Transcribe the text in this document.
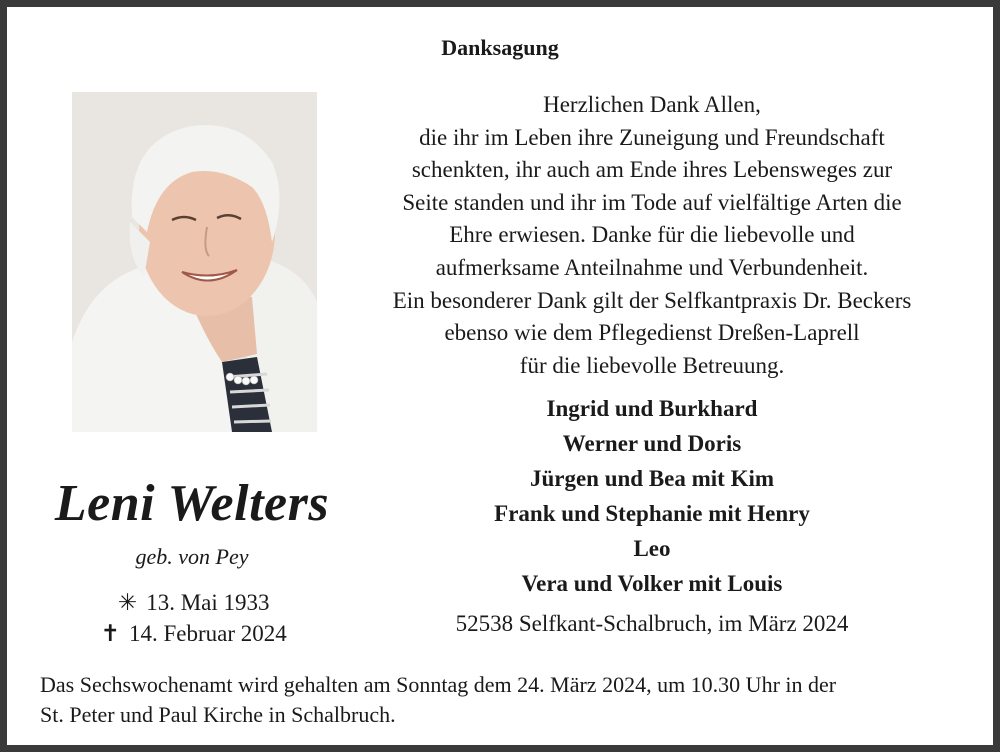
Danksagung
Herzlichen Dank Allen,
die ihr im Leben ihre Zuneigung und Freundschaft
schenkten, ihr auch am Ende ihres Lebensweges zur
Seite standen und ihr im Tode auf vielfältige Arten die
Ehre erwiesen. Danke für die liebevolle und
aufmerksame Anteilnahme und Verbundenheit.
Ein besonderer Dank gilt der Selfkantpraxis Dr. Beckers
ebenso wie dem Pflegedienst Dreßen-Laprell
für die liebevolle Betreuung.
Ingrid und Burkhard
Werner und Doris
Jürgen und Bea mit Kim
Frank und Stephanie mit Henry
Leo
Vera und Volker mit Louis
52538 Selfkant-Schalbruch, im März 2024
Leni Welters
geb. von Pey
✳ 13. Mai 1933
✝ 14. Februar 2024
Das Sechswochenamt wird gehalten am Sonntag dem 24. März 2024, um 10.30 Uhr in der
St. Peter und Paul Kirche in Schalbruch.
